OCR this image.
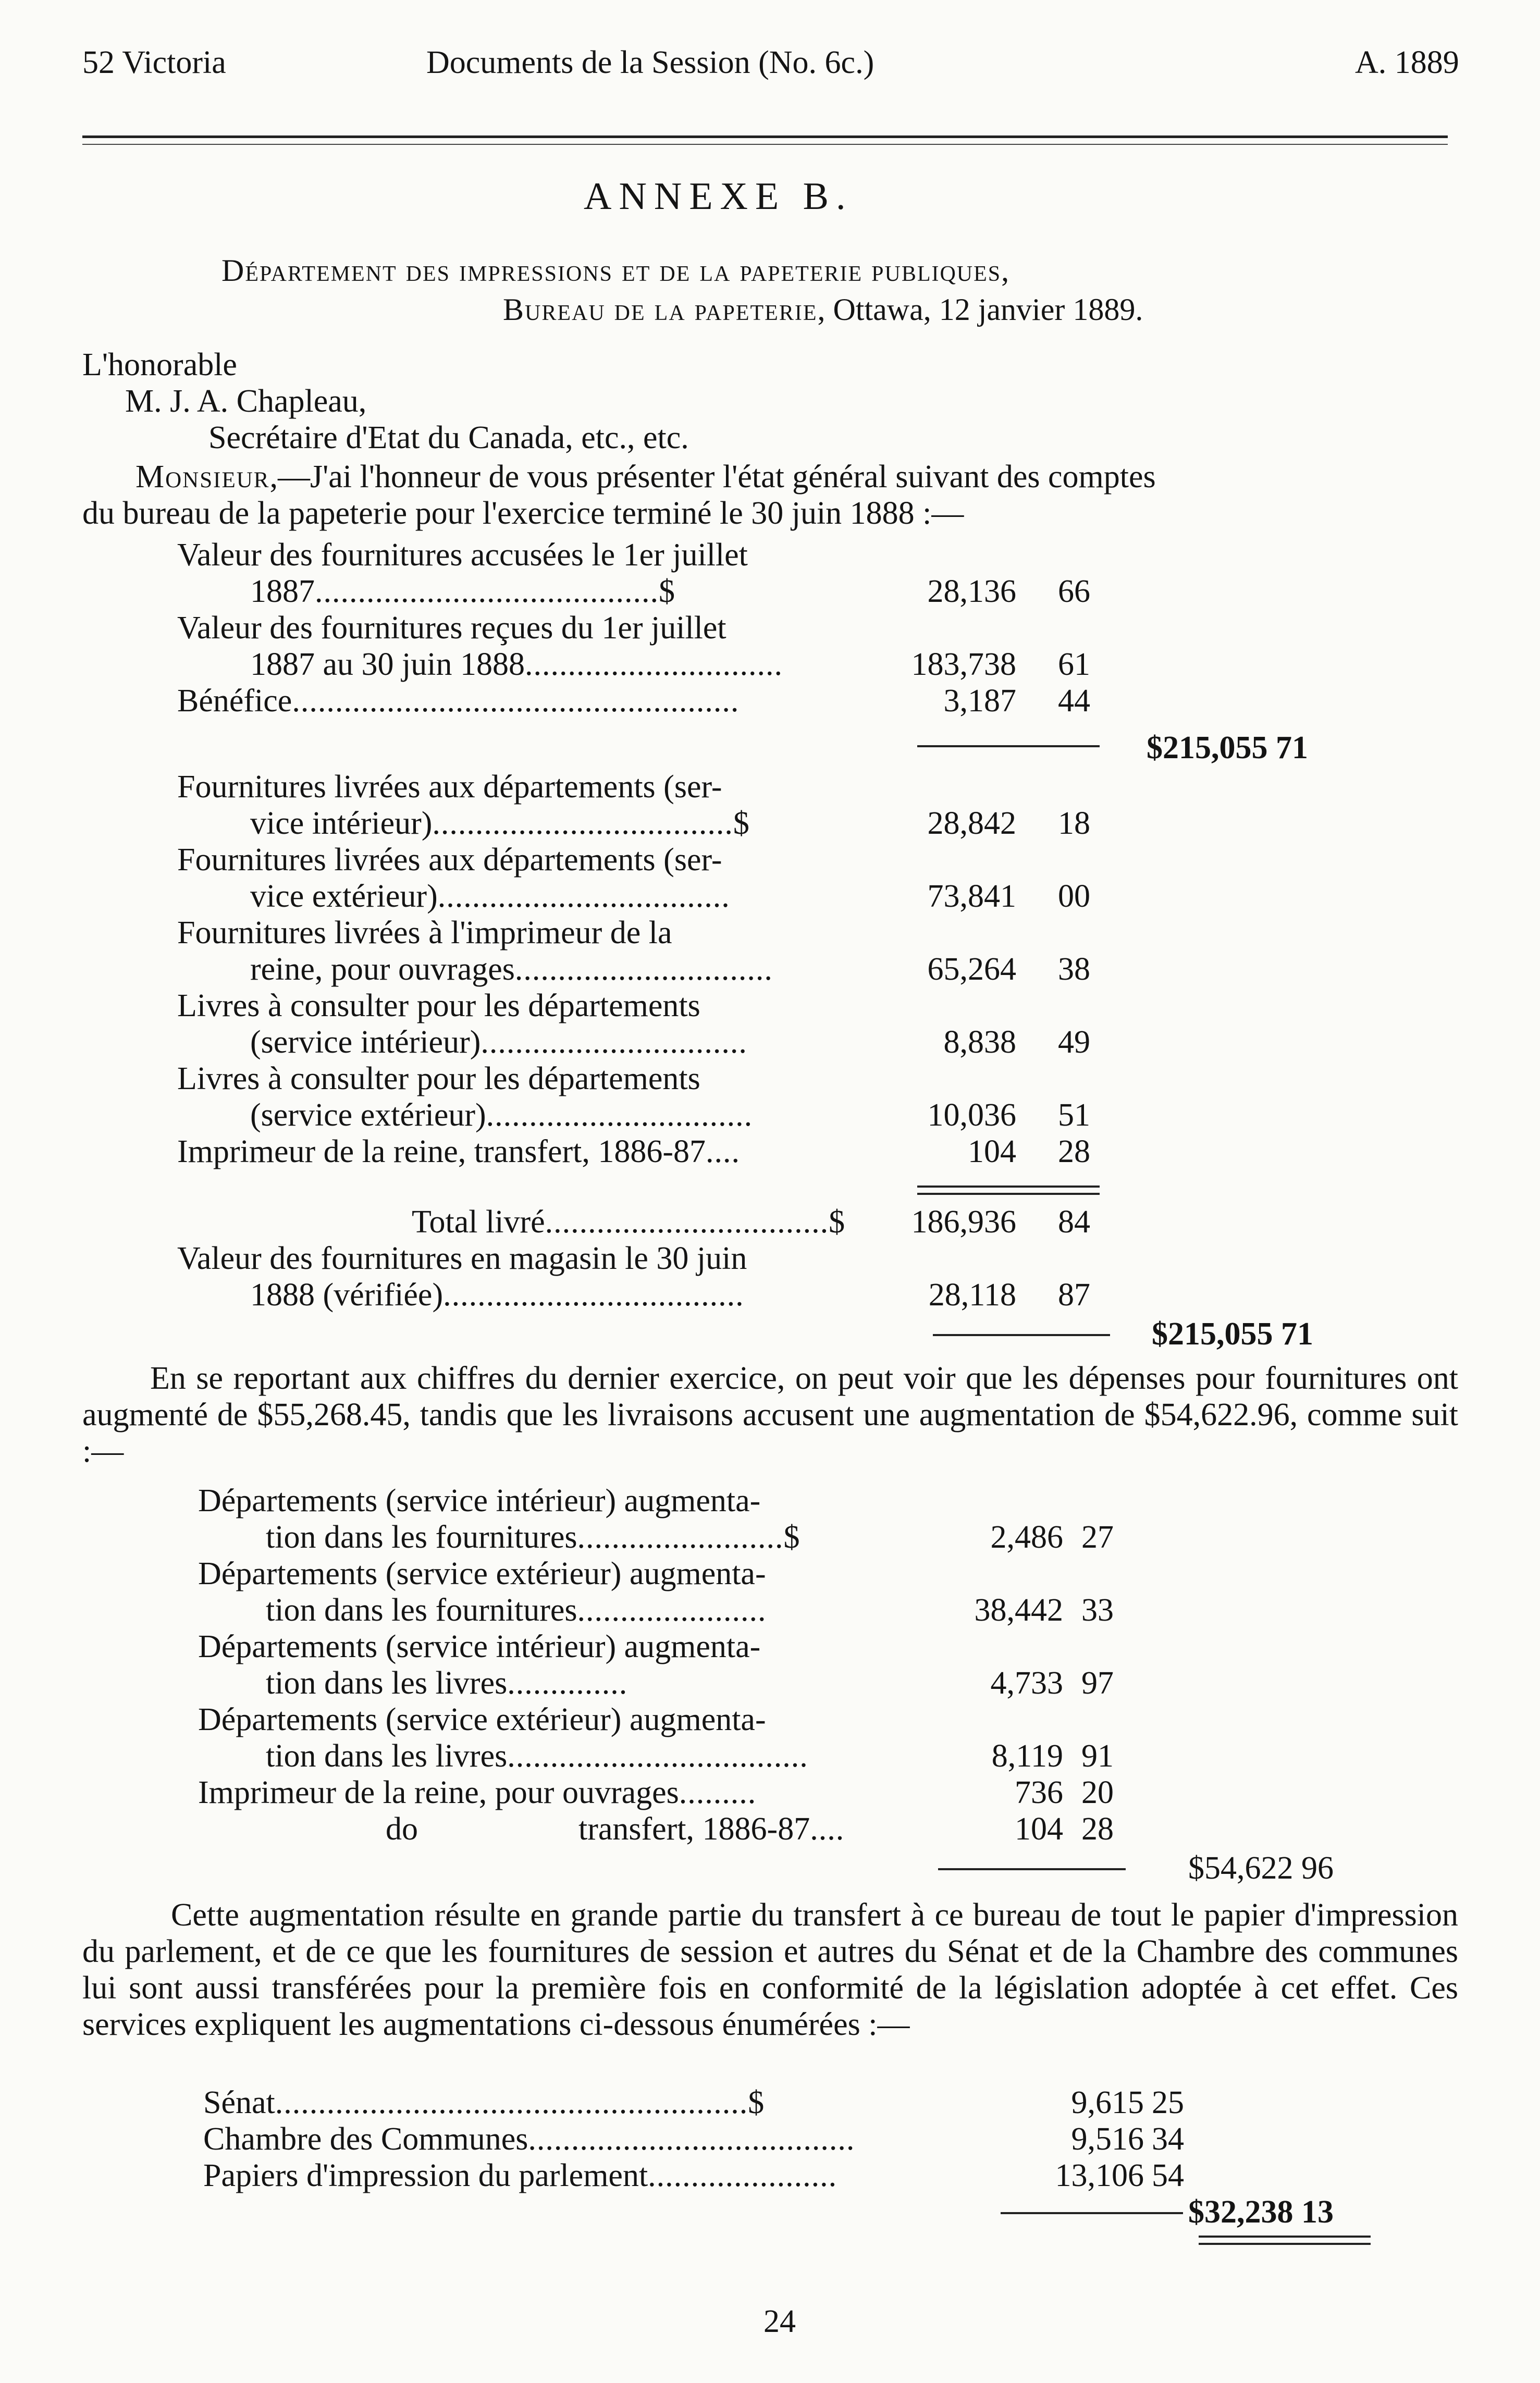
52 Victoria	Documents de la Session (No. 6c.)	A. 1889
ANNEXE B.
Département des impressions et de la papeterie publiques,
Bureau de la papeterie, Ottawa, 12 janvier 1889.
L'honorable
M. J. A. Chapleau,
Secrétaire d'Etat du Canada, etc., etc.
Monsieur,—J'ai l'honneur de vous présenter l'état général suivant des comptes
du bureau de la papeterie pour l'exercice terminé le 30 juin 1888 :—
Valeur des fournitures accusées le 1er juillet
1887........................................$	28,136 66
Valeur des fournitures reçues du 1er juillet
1887 au 30 juin 1888..............................	183,738 61
Bénéfice....................................................	3,187 44
$215,055 71
Fournitures livrées aux départements (ser-
vice intérieur)...................................$	28,842 18
Fournitures livrées aux départements (ser-
vice extérieur)..................................	73,841 00
Fournitures livrées à l'imprimeur de la
reine, pour ouvrages..............................	65,264 38
Livres à consulter pour les départements
(service intérieur)...............................	8,838 49
Livres à consulter pour les départements
(service extérieur)...............................	10,036 51
Imprimeur de la reine, transfert, 1886-87....	104 28
Total livré.................................$ 186,936 84
Valeur des fournitures en magasin le 30 juin
1888 (vérifiée)...................................	28,118 87
$215,055 71
En se reportant aux chiffres du dernier exercice, on peut voir que les dépenses pour fournitures ont augmenté de $55,268.45, tandis que les livraisons accusent une augmentation de $54,622.96, comme suit :—
Départements (service intérieur) augmenta-
tion dans les fournitures........................$	2,486 27
Départements (service extérieur) augmenta-
tion dans les fournitures......................	38,442 33
Départements (service intérieur) augmenta-
tion dans les livres..............	4,733 97
Départements (service extérieur) augmenta-
tion dans les livres...................................	8,119 91
Imprimeur de la reine, pour ouvrages.........	736 20
do	transfert, 1886-87....	104 28
$54,622 96
Cette augmentation résulte en grande partie du transfert à ce bureau de tout le papier d'impression du parlement, et de ce que les fournitures de session et autres du Sénat et de la Chambre des communes lui sont aussi transférées pour la première fois en conformité de la législation adoptée à cet effet. Ces services expliquent les augmentations ci-dessous énumérées :—
Sénat.......................................................$	9,615 25
Chambre des Communes......................................	9,516 34
Papiers d'impression du parlement......................	13,106 54
$32,238 13
24
